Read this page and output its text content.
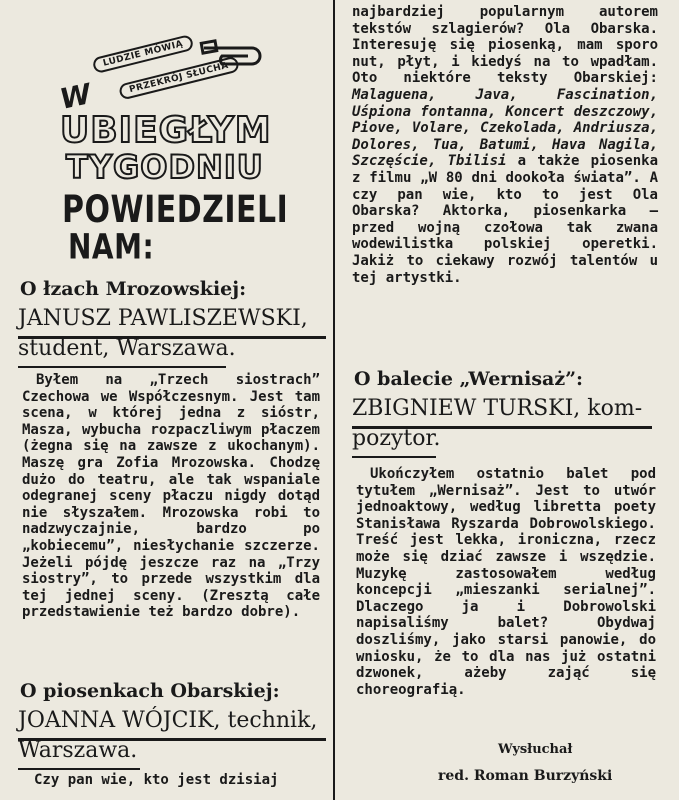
LUDZIE MÓWIĄ
PRZEKRÓJ SŁUCHA
W
UBIEGŁYM
TYGODNIU
POWIEDZIELI
NAM:
O łzach Mrozowskiej:
JANUSZ PAWLISZEWSKI,
student, Warszawa.

Byłem na „Trzech siostrach” Czechowa we Współczesnym. Jest tam scena, w której jedna z sióstr, Masza, wybucha rozpaczliwym płaczem (żegna się na zawsze z ukochanym). Maszę gra Zofia Mrozowska. Chodzę dużo do teatru, ale tak wspaniale odegranej sceny płaczu nigdy dotąd nie słyszałem. Mrozowska robi to nadzwyczajnie, bardzo po „kobiecemu”, niesłychanie szczerze. Jeżeli pójdę jeszcze raz na „Trzy siostry”, to przede wszystkim dla tej jednej sceny. (Zresztą całe przedstawienie też bardzo dobre).

O piosenkach Obarskiej:
JOANNA WÓJCIK, technik,
Warszawa.

Czy pan wie, kto jest dzisiaj

najbardziej popularnym autorem tekstów szlagierów? Ola Obarska. Interesuję się piosenką, mam sporo nut, płyt, i kiedyś na to wpadłam. Oto niektóre teksty Obarskiej: Malaguena, Java, Fascination, Uśpiona fontanna, Koncert deszczowy, Piove, Volare, Czekolada, Andriusza, Dolores, Tua, Batumi, Hava Nagila, Szczęście, Tbilisi a także piosenka z filmu „W 80 dni dookoła świata”. A czy pan wie, kto to jest Ola Obarska? Aktorka, piosenkarka — przed wojną czołowa tak zwana wodewilistka polskiej operetki. Jakiż to ciekawy rozwój talentów u tej artystki.

O balecie „Wernisaż”:
ZBIGNIEW TURSKI, kom-
pozytor.

Ukończyłem ostatnio balet pod tytułem „Wernisaż”. Jest to utwór jednoaktowy, według libretta poety Stanisława Ryszarda Dobrowolskiego. Treść jest lekka, ironiczna, rzecz może się dziać zawsze i wszędzie. Muzykę zastosowałem według koncepcji „mieszanki serialnej”. Dlaczego ja i Dobrowolski napisaliśmy balet? Obydwaj doszliśmy, jako starsi panowie, do wniosku, że to dla nas już ostatni dzwonek, ażeby zająć się choreografią.

Wysłuchał
red. Roman Burzyński
